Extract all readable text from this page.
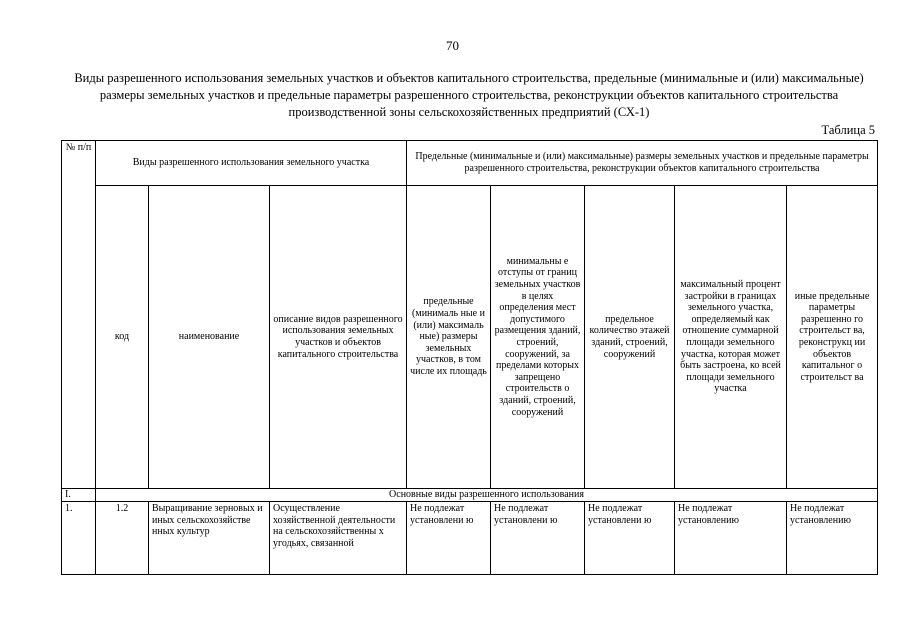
70
Виды разрешенного использования земельных участков и объектов капитального строительства, предельные (минимальные и (или) максимальные) размеры земельных участков и предельные параметры разрешенного строительства, реконструкции объектов капитального строительства производственной зоны сельскохозяйственных предприятий (СХ-1)
Таблица 5
№ п/п	Виды разрешенного использования земельного участка			Предельные (минимальные и (или) максимальные) размеры земельных участков и предельные параметры разрешенного строительства, реконструкции объектов капитального строительства				
	код	наименование	описание видов разрешенного использования земельных участков и объектов капитального строительства	предельные (минималь ные и (или) максималь ные) размеры земельных участков, в том числе их площадь	минимальны е отступы от границ земельных участков в целях определения мест допустимого размещения зданий, строений, сооружений, за пределами которых запрещено строительств о зданий, строений, сооружений	предельное количество этажей зданий, строений, сооружений	максимальный процент застройки в границах земельного участка, определяемый как отношение суммарной площади земельного участка, которая может быть застроена, ко всей площади земельного участка	иные предельные параметры разрешенно го строительст ва, реконструкц ии объектов капитальног о строительст ва
I.	Основные виды разрешенного использования							
1.	1.2	Выращивание зерновых и иных сельскохозяйстве нных культур	Осуществление хозяйственной деятельности на сельскохозяйственны х угодьях, связанной	Не подлежат установлени ю	Не подлежат установлени ю	Не подлежат установлени ю	Не подлежат установлению	Не подлежат установлению
